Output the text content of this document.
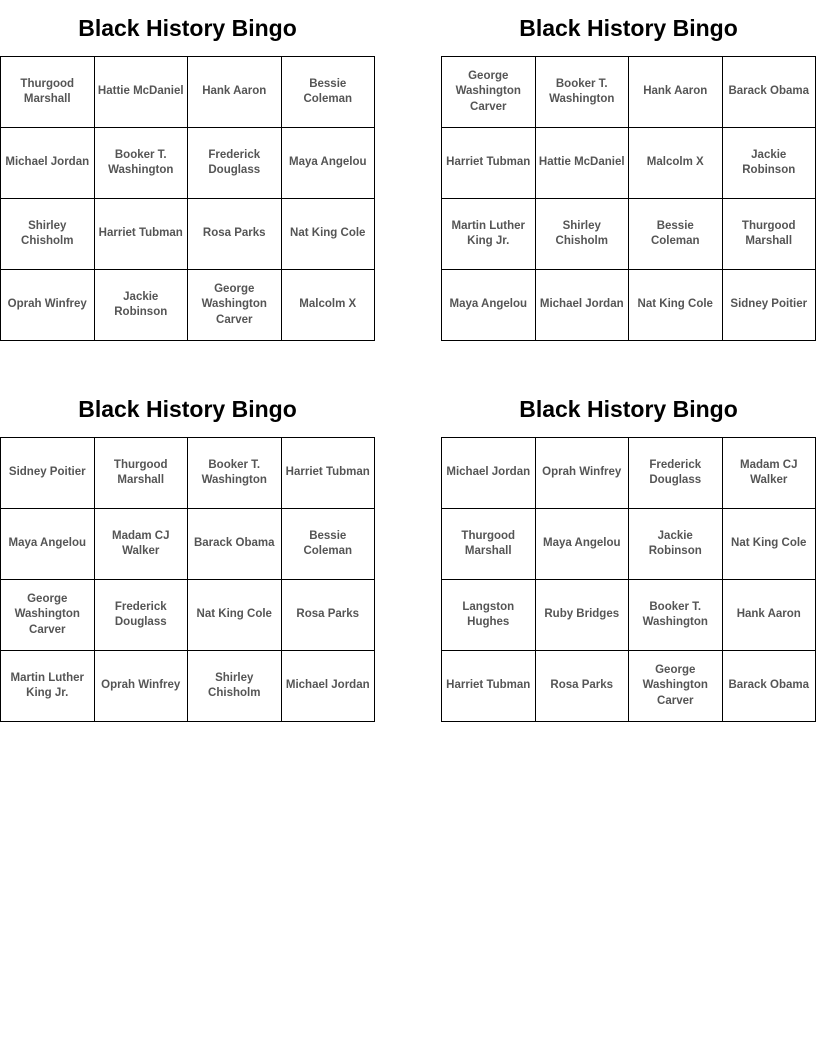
Black History Bingo
Thurgood Marshall	Hattie McDaniel	Hank Aaron	Bessie Coleman
Michael Jordan	Booker T. Washington	Frederick Douglass	Maya Angelou
Shirley Chisholm	Harriet Tubman	Rosa Parks	Nat King Cole
Oprah Winfrey	Jackie Robinson	George Washington Carver	Malcolm X
Black History Bingo
George Washington Carver	Booker T. Washington	Hank Aaron	Barack Obama
Harriet Tubman	Hattie McDaniel	Malcolm X	Jackie Robinson
Martin Luther King Jr.	Shirley Chisholm	Bessie Coleman	Thurgood Marshall
Maya Angelou	Michael Jordan	Nat King Cole	Sidney Poitier
Black History Bingo
Sidney Poitier	Thurgood Marshall	Booker T. Washington	Harriet Tubman
Maya Angelou	Madam CJ Walker	Barack Obama	Bessie Coleman
George Washington Carver	Frederick Douglass	Nat King Cole	Rosa Parks
Martin Luther King Jr.	Oprah Winfrey	Shirley Chisholm	Michael Jordan
Black History Bingo
Michael Jordan	Oprah Winfrey	Frederick Douglass	Madam CJ Walker
Thurgood Marshall	Maya Angelou	Jackie Robinson	Nat King Cole
Langston Hughes	Ruby Bridges	Booker T. Washington	Hank Aaron
Harriet Tubman	Rosa Parks	George Washington Carver	Barack Obama
